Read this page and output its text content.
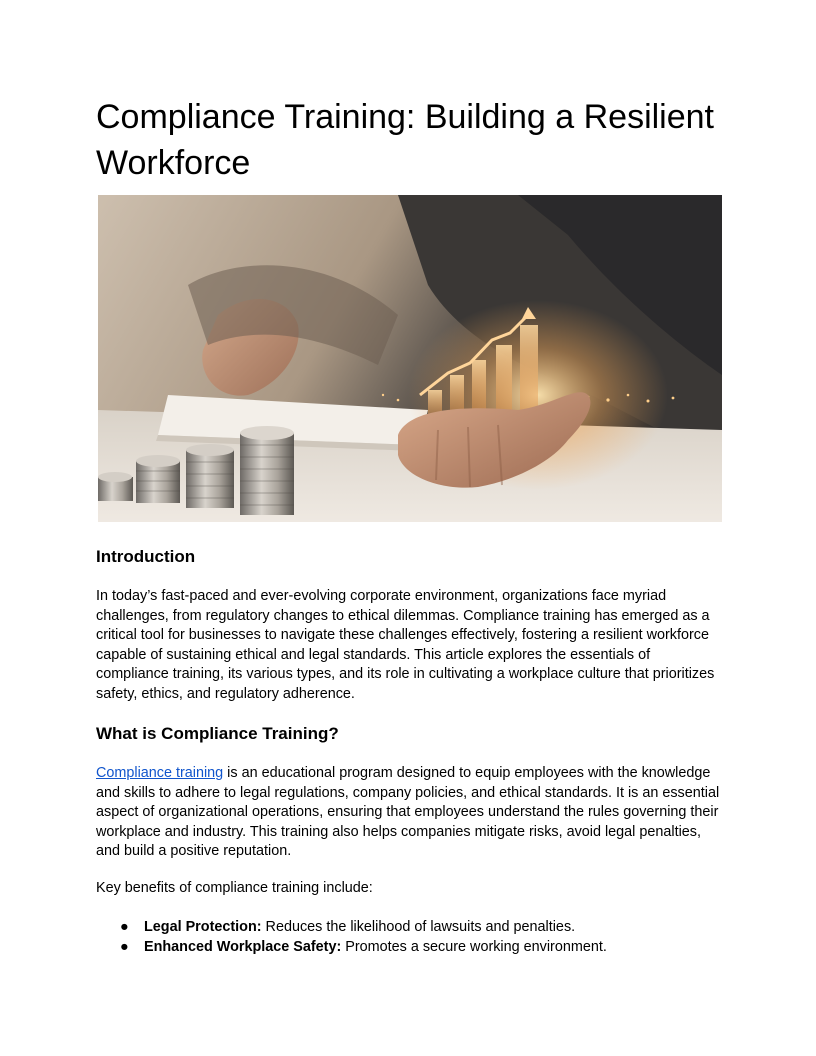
Compliance Training: Building a Resilient Workforce
Introduction

In today’s fast-paced and ever-evolving corporate environment, organizations face myriad challenges, from regulatory changes to ethical dilemmas. Compliance training has emerged as a critical tool for businesses to navigate these challenges effectively, fostering a resilient workforce capable of sustaining ethical and legal standards. This article explores the essentials of compliance training, its various types, and its role in cultivating a workplace culture that prioritizes safety, ethics, and regulatory adherence.

What is Compliance Training?

Compliance training is an educational program designed to equip employees with the knowledge and skills to adhere to legal regulations, company policies, and ethical standards. It is an essential aspect of organizational operations, ensuring that employees understand the rules governing their workplace and industry. This training also helps companies mitigate risks, avoid legal penalties, and build a positive reputation.

Key benefits of compliance training include:

● Legal Protection: Reduces the likelihood of lawsuits and penalties.
● Enhanced Workplace Safety: Promotes a secure working environment.
